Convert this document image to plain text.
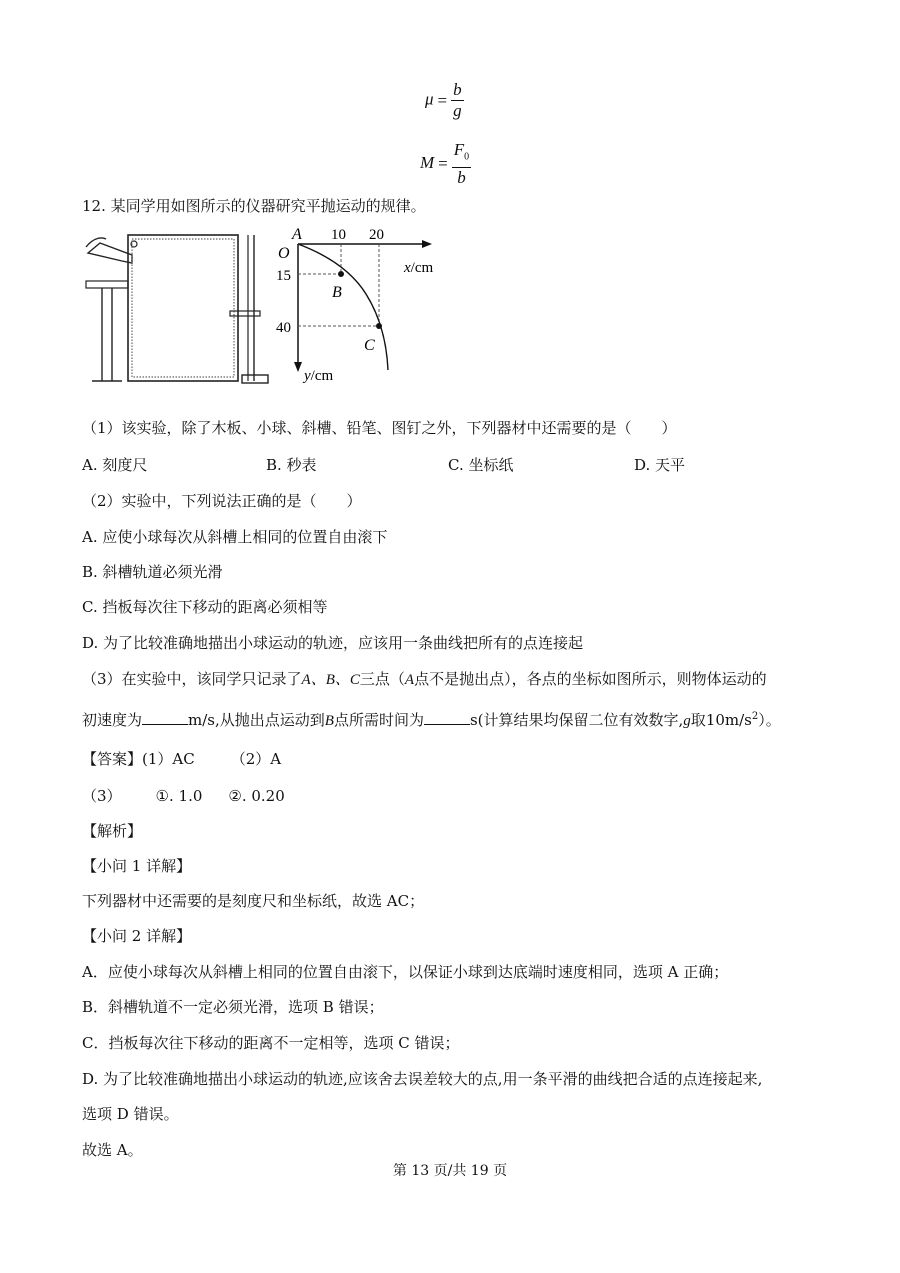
$\mu = \frac{b}{g}$
$M = \frac{F_0}{b}$
12. 某同学用如图所示的仪器研究平抛运动的规律。
O
A 10 20
x/cm
15
40
B
C
y/cm
（1）该实验，除了木板、小球、斜槽、铅笔、图钉之外，下列器材中还需要的是（　　）
A. 刻度尺	B. 秒表	C. 坐标纸	D. 天平
（2）实验中，下列说法正确的是（　　）
A. 应使小球每次从斜槽上相同的位置自由滚下
B. 斜槽轨道必须光滑
C. 挡板每次往下移动的距离必须相等
D. 为了比较准确地描出小球运动的轨迹，应该用一条曲线把所有的点连接起
（3）在实验中，该同学只记录了A、B、C三点（A点不是抛出点），各点的坐标如图所示，则物体运动的
初速度为	m/s,从抛出点运动到B点所需时间为	s(计算结果均保留二位有效数字,g取$10m/s^2$）。
【答案】(1）AC （2）A
（3） ①. 1.0 ②. 0.20
【解析】
【小问 1 详解】
下列器材中还需要的是刻度尺和坐标纸，故选 AC；
【小问 2 详解】
A．应使小球每次从斜槽上相同的位置自由滚下，以保证小球到达底端时速度相同，选项 A 正确；
B．斜槽轨道不一定必须光滑，选项 B 错误；
C．挡板每次往下移动的距离不一定相等，选项 C 错误；
D. 为了比较准确地描出小球运动的轨迹,应该舍去误差较大的点,用一条平滑的曲线把合适的点连接起来,
选项 D 错误。
故选 A。
第 13 页/共 19 页
